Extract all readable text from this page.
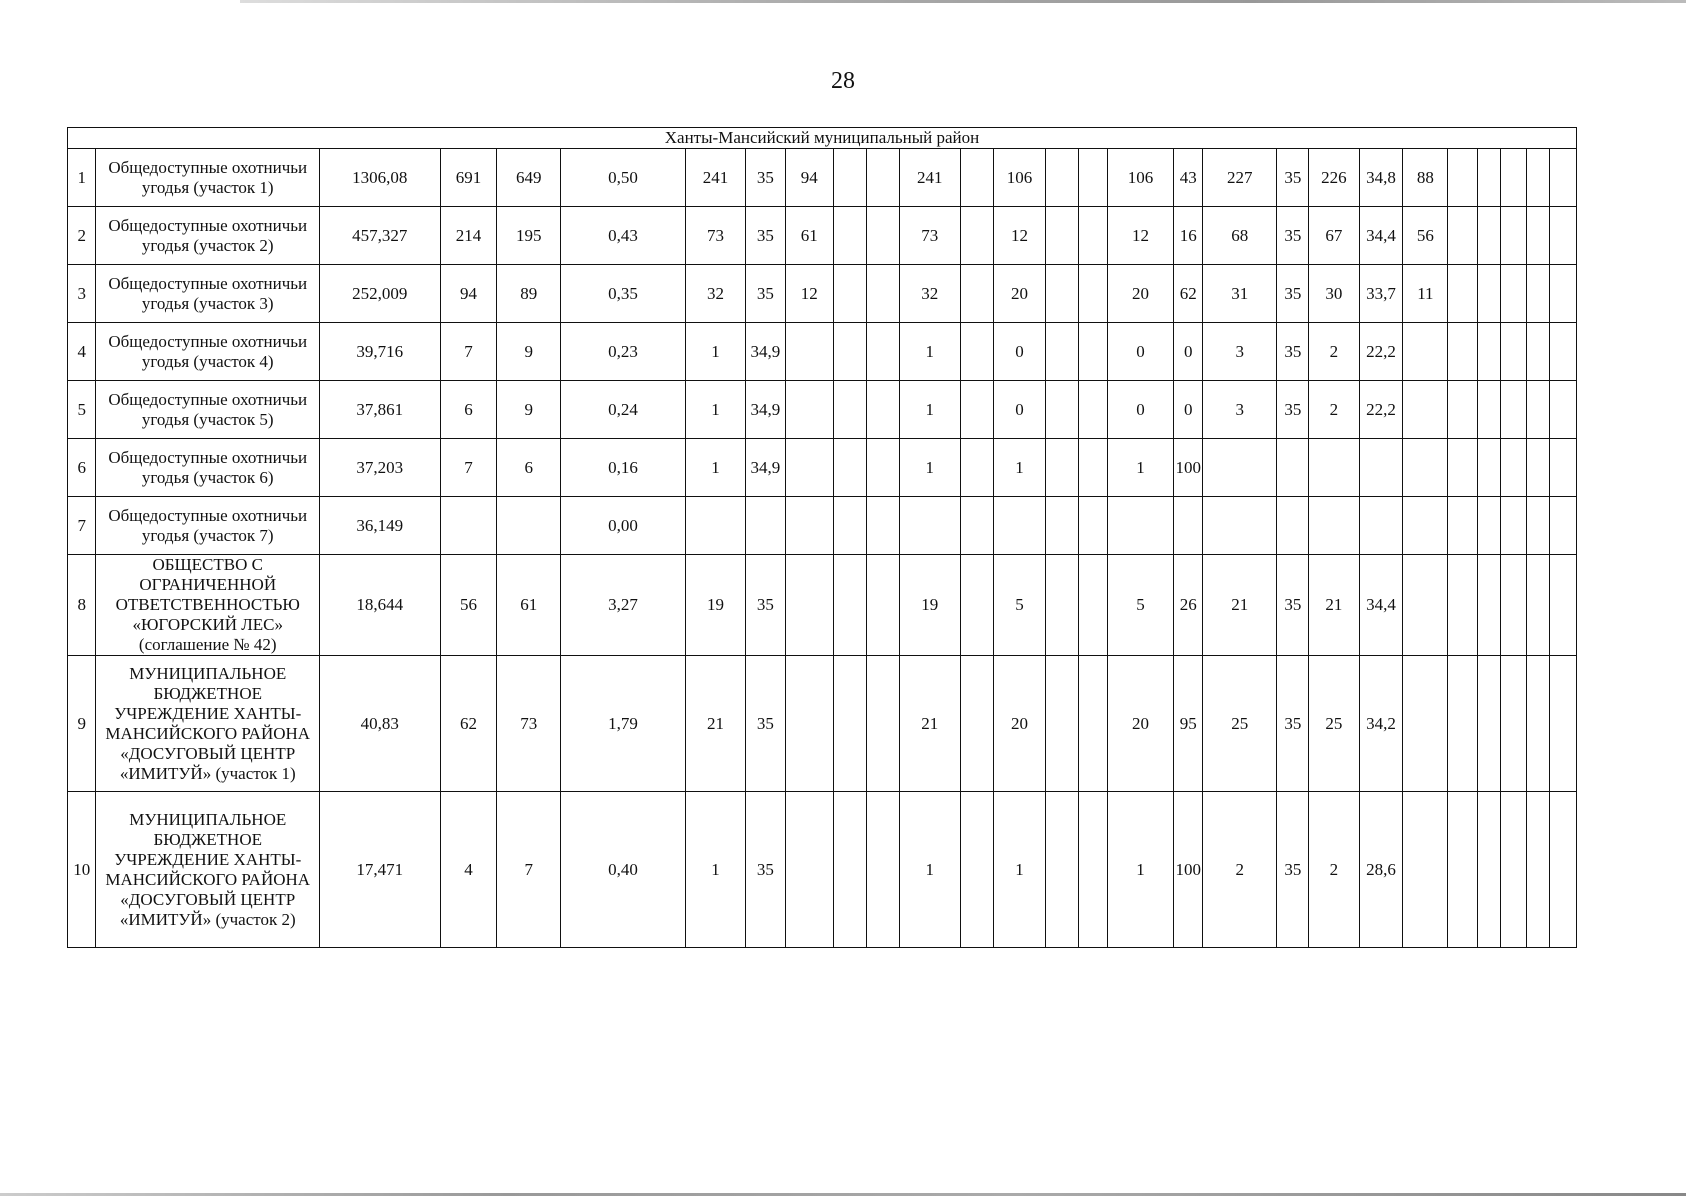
28
Ханты-Мансийский муниципальный район																											
1	Общедоступные охотничьи угодья (участок 1)	1306,08	691	649	0,50	241	35	94			241		106			106	43	227	35	226	34,8	88					
2	Общедоступные охотничьи угодья (участок 2)	457,327	214	195	0,43	73	35	61			73		12			12	16	68	35	67	34,4	56					
3	Общедоступные охотничьи угодья (участок 3)	252,009	94	89	0,35	32	35	12			32		20			20	62	31	35	30	33,7	11					
4	Общедоступные охотничьи угодья (участок 4)	39,716	7	9	0,23	1	34,9				1		0			0	0	3	35	2	22,2						
5	Общедоступные охотничьи угодья (участок 5)	37,861	6	9	0,24	1	34,9				1		0			0	0	3	35	2	22,2						
6	Общедоступные охотничьи угодья (участок 6)	37,203	7	6	0,16	1	34,9				1		1			1	100										
7	Общедоступные охотничьи угодья (участок 7)	36,149			0,00																						
8	ОБЩЕСТВО С ОГРАНИЧЕННОЙ ОТВЕТСТВЕННОСТЬЮ «ЮГОРСКИЙ ЛЕС» (соглашение № 42)	18,644	56	61	3,27	19	35				19		5			5	26	21	35	21	34,4						
9	МУНИЦИПАЛЬНОЕ БЮДЖЕТНОЕ УЧРЕЖДЕНИЕ ХАНТЫ-МАНСИЙСКОГО РАЙОНА «ДОСУГОВЫЙ ЦЕНТР «ИМИТУЙ» (участок 1)	40,83	62	73	1,79	21	35				21		20			20	95	25	35	25	34,2						
10	МУНИЦИПАЛЬНОЕ БЮДЖЕТНОЕ УЧРЕЖДЕНИЕ ХАНТЫ-МАНСИЙСКОГО РАЙОНА «ДОСУГОВЫЙ ЦЕНТР «ИМИТУЙ» (участок 2)	17,471	4	7	0,40	1	35				1		1			1	100	2	35	2	28,6						
